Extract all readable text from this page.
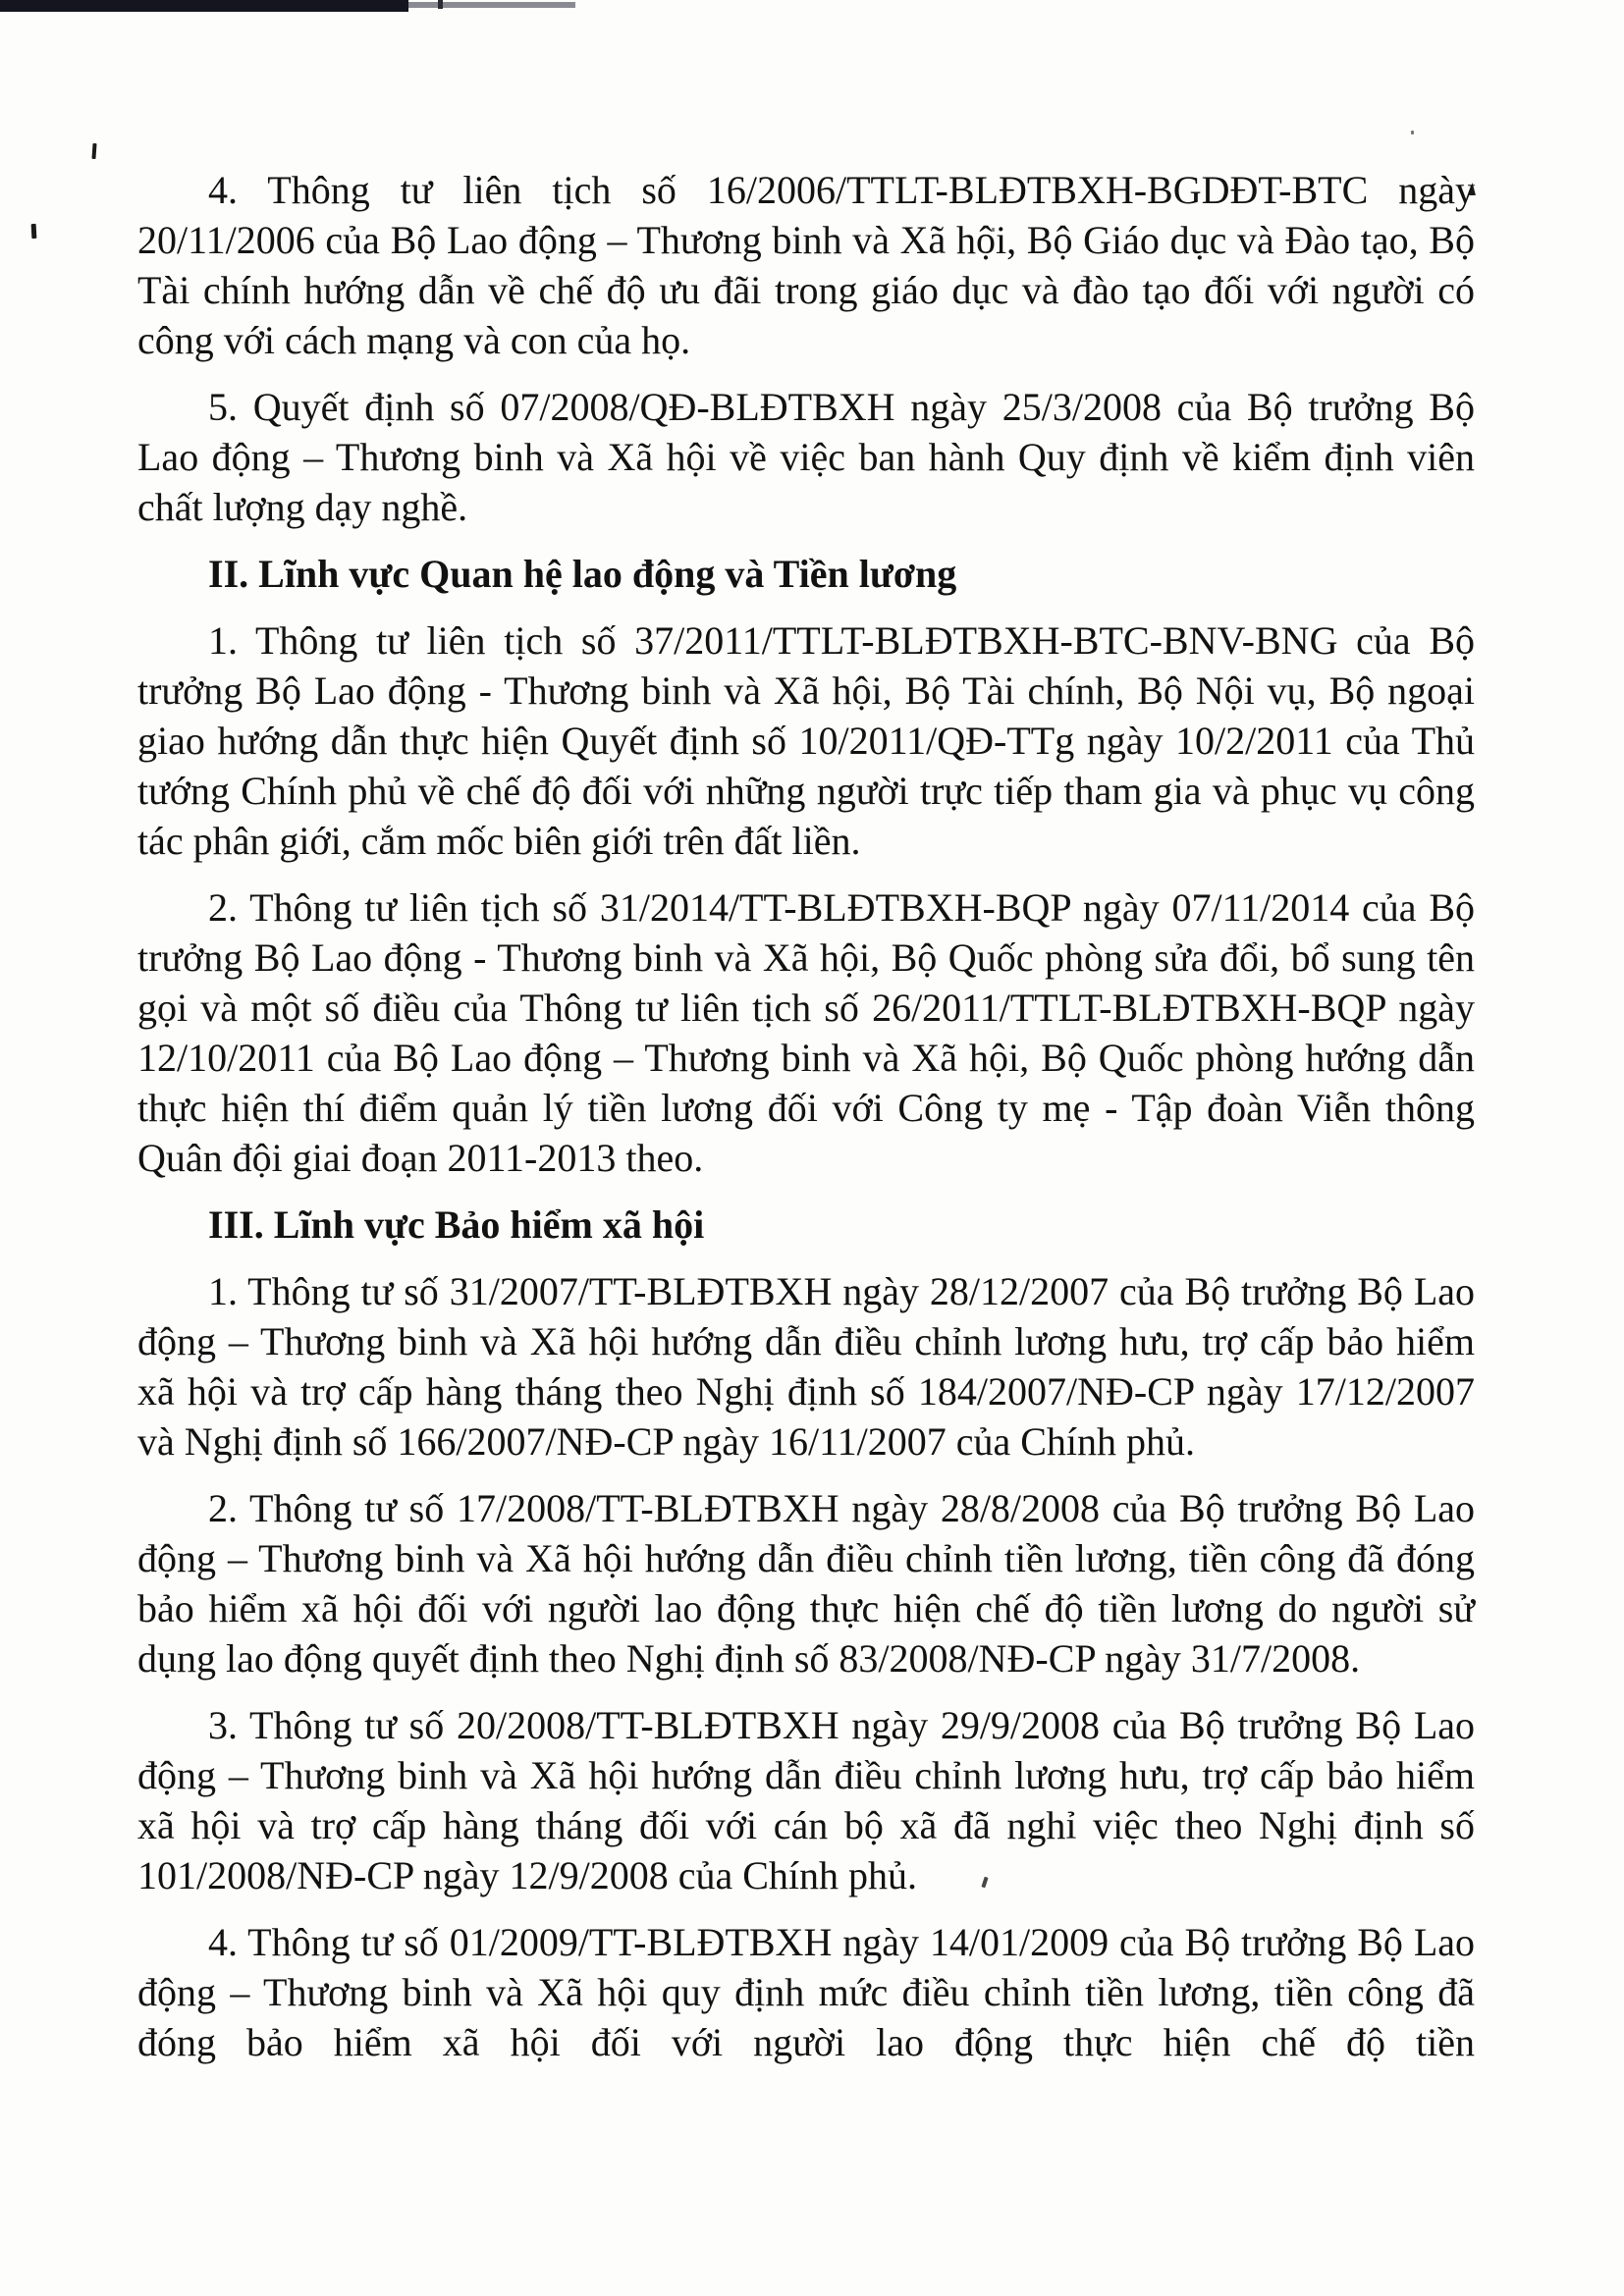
4. Thông tư liên tịch số 16/2006/TTLT-BLĐTBXH-BGDĐT-BTC ngày 20/11/2006 của Bộ Lao động – Thương binh và Xã hội, Bộ Giáo dục và Đào tạo, Bộ Tài chính hướng dẫn về chế độ ưu đãi trong giáo dục và đào tạo đối với người có công với cách mạng và con của họ.

5. Quyết định số 07/2008/QĐ-BLĐTBXH ngày 25/3/2008 của Bộ trưởng Bộ Lao động – Thương binh và Xã hội về việc ban hành Quy định về kiểm định viên chất lượng dạy nghề.

II. Lĩnh vực Quan hệ lao động và Tiền lương

1. Thông tư liên tịch số 37/2011/TTLT-BLĐTBXH-BTC-BNV-BNG của Bộ trưởng Bộ Lao động - Thương binh và Xã hội, Bộ Tài chính, Bộ Nội vụ, Bộ ngoại giao hướng dẫn thực hiện Quyết định số 10/2011/QĐ-TTg ngày 10/2/2011 của Thủ tướng Chính phủ về chế độ đối với những người trực tiếp tham gia và phục vụ công tác phân giới, cắm mốc biên giới trên đất liền.

2. Thông tư liên tịch số 31/2014/TT-BLĐTBXH-BQP ngày 07/11/2014 của Bộ trưởng Bộ Lao động - Thương binh và Xã hội, Bộ Quốc phòng sửa đổi, bổ sung tên gọi và một số điều của Thông tư liên tịch số 26/2011/TTLT-BLĐTBXH-BQP ngày 12/10/2011 của Bộ Lao động – Thương binh và Xã hội, Bộ Quốc phòng hướng dẫn thực hiện thí điểm quản lý tiền lương đối với Công ty mẹ - Tập đoàn Viễn thông Quân đội giai đoạn 2011-2013 theo.

III. Lĩnh vực Bảo hiểm xã hội

1. Thông tư số 31/2007/TT-BLĐTBXH ngày 28/12/2007 của Bộ trưởng Bộ Lao động – Thương binh và Xã hội hướng dẫn điều chỉnh lương hưu, trợ cấp bảo hiểm xã hội và trợ cấp hàng tháng theo Nghị định số 184/2007/NĐ-CP ngày 17/12/2007 và Nghị định số 166/2007/NĐ-CP ngày 16/11/2007 của Chính phủ.

2. Thông tư số 17/2008/TT-BLĐTBXH ngày 28/8/2008 của Bộ trưởng Bộ Lao động – Thương binh và Xã hội hướng dẫn điều chỉnh tiền lương, tiền công đã đóng bảo hiểm xã hội đối với người lao động thực hiện chế độ tiền lương do người sử dụng lao động quyết định theo Nghị định số 83/2008/NĐ-CP ngày 31/7/2008.

3. Thông tư số 20/2008/TT-BLĐTBXH ngày 29/9/2008 của Bộ trưởng Bộ Lao động – Thương binh và Xã hội hướng dẫn điều chỉnh lương hưu, trợ cấp bảo hiểm xã hội và trợ cấp hàng tháng đối với cán bộ xã đã nghỉ việc theo Nghị định số 101/2008/NĐ-CP ngày 12/9/2008 của Chính phủ.

4. Thông tư số 01/2009/TT-BLĐTBXH ngày 14/01/2009 của Bộ trưởng Bộ Lao động – Thương binh và Xã hội quy định mức điều chỉnh tiền lương, tiền công đã đóng bảo hiểm xã hội đối với người lao động thực hiện chế độ tiền
